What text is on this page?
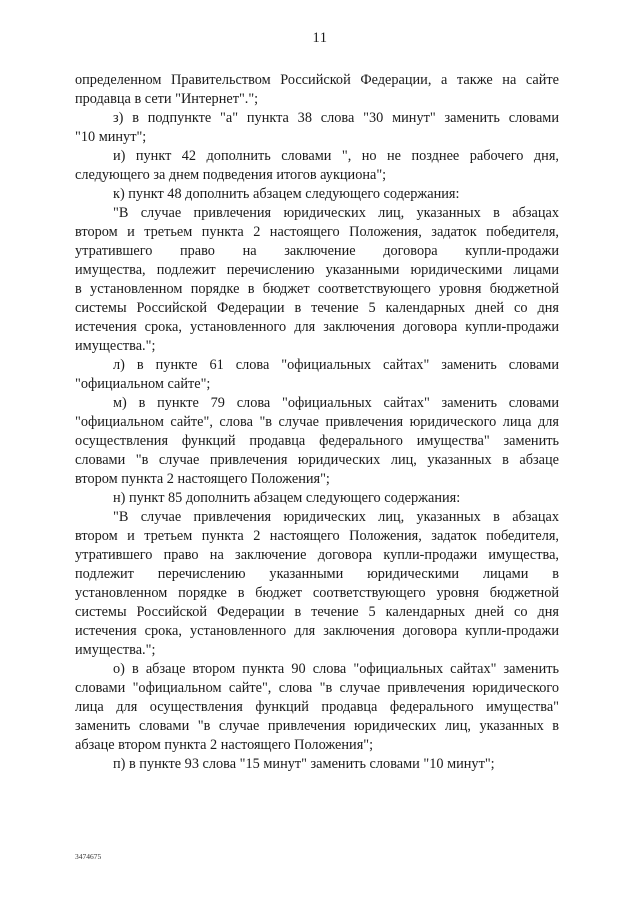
11
определенном Правительством Российской Федерации, а также на сайте
продавца в сети "Интернет".";
з) в подпункте "а" пункта 38 слова "30 минут" заменить словами
"10 минут";
и) пункт 42 дополнить словами ", но не позднее рабочего дня,
следующего за днем подведения итогов аукциона";
к) пункт 48 дополнить абзацем следующего содержания:
"В случае привлечения юридических лиц, указанных в абзацах
втором и третьем пункта 2 настоящего Положения, задаток победителя,
утратившего право на заключение договора купли-продажи
имущества, подлежит перечислению указанными юридическими лицами
в установленном порядке в бюджет соответствующего уровня бюджетной
системы Российской Федерации в течение 5 календарных дней со дня
истечения срока, установленного для заключения договора купли-продажи
имущества.";
л) в пункте 61 слова "официальных сайтах" заменить словами
"официальном сайте";
м) в пункте 79 слова "официальных сайтах" заменить словами
"официальном сайте", слова "в случае привлечения юридического лица для
осуществления функций продавца федерального имущества" заменить
словами "в случае привлечения юридических лиц, указанных в абзаце
втором пункта 2 настоящего Положения";
н) пункт 85 дополнить абзацем следующего содержания:
"В случае привлечения юридических лиц, указанных в абзацах
втором и третьем пункта 2 настоящего Положения, задаток победителя,
утратившего право на заключение договора купли-продажи имущества,
подлежит перечислению указанными юридическими лицами в
установленном порядке в бюджет соответствующего уровня бюджетной
системы Российской Федерации в течение 5 календарных дней со дня
истечения срока, установленного для заключения договора купли-продажи
имущества.";
о) в абзаце втором пункта 90 слова "официальных сайтах" заменить
словами "официальном сайте", слова "в случае привлечения юридического
лица для осуществления функций продавца федерального имущества"
заменить словами "в случае привлечения юридических лиц, указанных в
абзаце втором пункта 2 настоящего Положения";
п) в пункте 93 слова "15 минут" заменить словами "10 минут";
3474675
